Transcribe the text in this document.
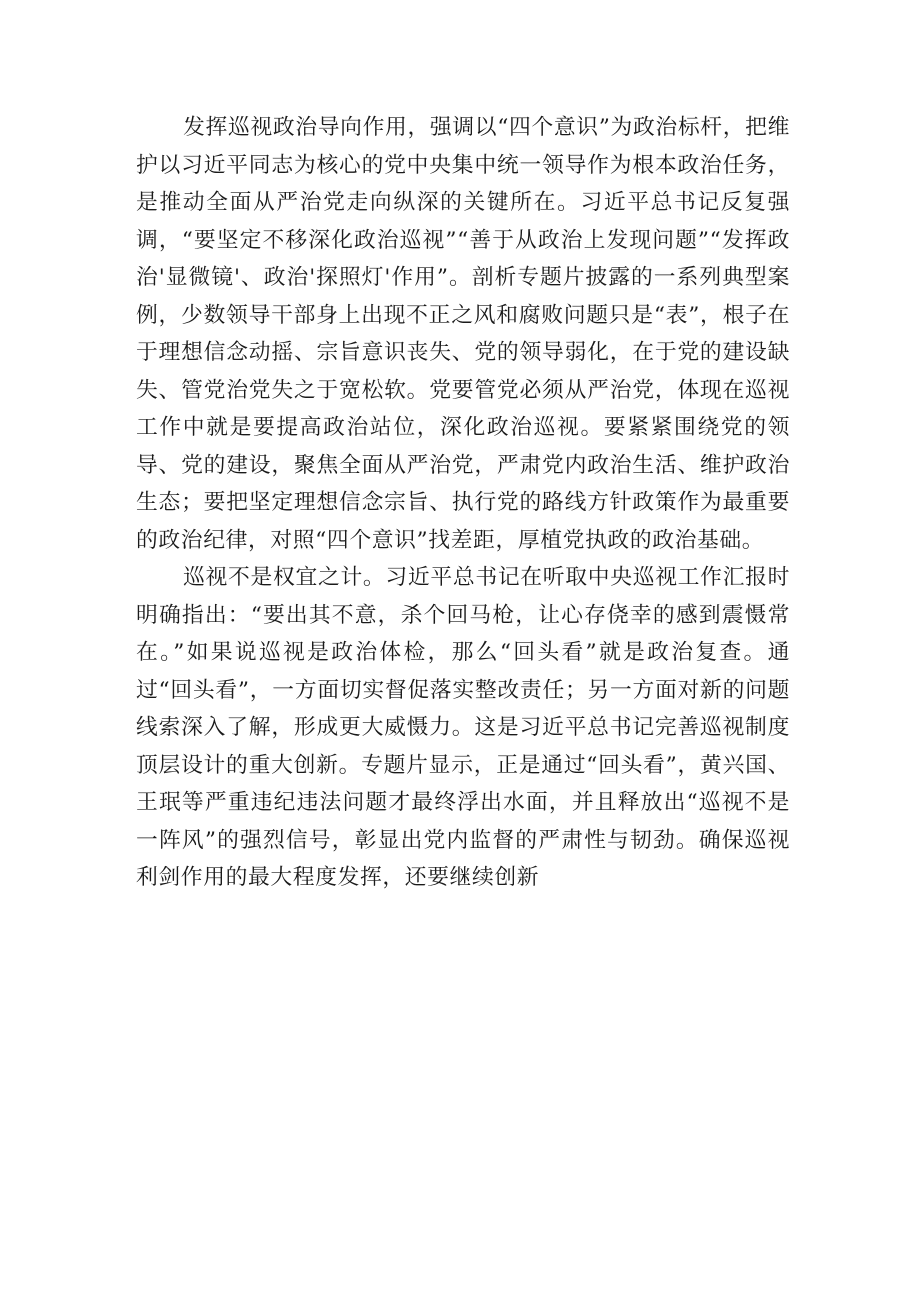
发挥巡视政治导向作用，强调以“四个意识”为政治标杆，把维护以习近平同志为核心的党中央集中统一领导作为根本政治任务，是推动全面从严治党走向纵深的关键所在。习近平总书记反复强调，“要坚定不移深化政治巡视”“善于从政治上发现问题”“发挥政治'显微镜'、政治'探照灯'作用”。剖析专题片披露的一系列典型案例，少数领导干部身上出现不正之风和腐败问题只是“表”，根子在于理想信念动摇、宗旨意识丧失、党的领导弱化，在于党的建设缺失、管党治党失之于宽松软。党要管党必须从严治党，体现在巡视工作中就是要提高政治站位，深化政治巡视。要紧紧围绕党的领导、党的建设，聚焦全面从严治党，严肃党内政治生活、维护政治生态；要把坚定理想信念宗旨、执行党的路线方针政策作为最重要的政治纪律，对照“四个意识”找差距，厚植党执政的政治基础。

巡视不是权宜之计。习近平总书记在听取中央巡视工作汇报时明确指出：“要出其不意，杀个回马枪，让心存侥幸的感到震慑常在。”如果说巡视是政治体检，那么“回头看”就是政治复查。通过“回头看”，一方面切实督促落实整改责任；另一方面对新的问题线索深入了解，形成更大威慑力。这是习近平总书记完善巡视制度顶层设计的重大创新。专题片显示，正是通过“回头看”，黄兴国、王珉等严重违纪违法问题才最终浮出水面，并且释放出“巡视不是一阵风”的强烈信号，彰显出党内监督的严肃性与韧劲。确保巡视利剑作用的最大程度发挥，还要继续创新
